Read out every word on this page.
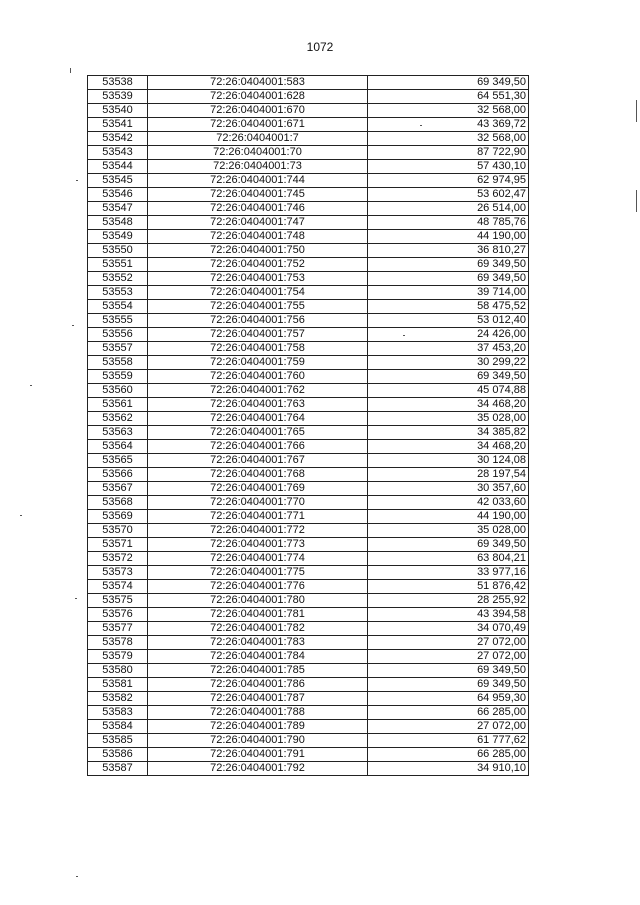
1072
53538	72:26:0404001:583	69 349,50
53539	72:26:0404001:628	64 551,30
53540	72:26:0404001:670	32 568,00
53541	72:26:0404001:671	43 369,72
53542	72:26:0404001:7	32 568,00
53543	72:26:0404001:70	87 722,90
53544	72:26:0404001:73	57 430,10
53545	72:26:0404001:744	62 974,95
53546	72:26:0404001:745	53 602,47
53547	72:26:0404001:746	26 514,00
53548	72:26:0404001:747	48 785,76
53549	72:26:0404001:748	44 190,00
53550	72:26:0404001:750	36 810,27
53551	72:26:0404001:752	69 349,50
53552	72:26:0404001:753	69 349,50
53553	72:26:0404001:754	39 714,00
53554	72:26:0404001:755	58 475,52
53555	72:26:0404001:756	53 012,40
53556	72:26:0404001:757	24 426,00
53557	72:26:0404001:758	37 453,20
53558	72:26:0404001:759	30 299,22
53559	72:26:0404001:760	69 349,50
53560	72:26:0404001:762	45 074,88
53561	72:26:0404001:763	34 468,20
53562	72:26:0404001:764	35 028,00
53563	72:26:0404001:765	34 385,82
53564	72:26:0404001:766	34 468,20
53565	72:26:0404001:767	30 124,08
53566	72:26:0404001:768	28 197,54
53567	72:26:0404001:769	30 357,60
53568	72:26:0404001:770	42 033,60
53569	72:26:0404001:771	44 190,00
53570	72:26:0404001:772	35 028,00
53571	72:26:0404001:773	69 349,50
53572	72:26:0404001:774	63 804,21
53573	72:26:0404001:775	33 977,16
53574	72:26:0404001:776	51 876,42
53575	72:26:0404001:780	28 255,92
53576	72:26:0404001:781	43 394,58
53577	72:26:0404001:782	34 070,49
53578	72:26:0404001:783	27 072,00
53579	72:26:0404001:784	27 072,00
53580	72:26:0404001:785	69 349,50
53581	72:26:0404001:786	69 349,50
53582	72:26:0404001:787	64 959,30
53583	72:26:0404001:788	66 285,00
53584	72:26:0404001:789	27 072,00
53585	72:26:0404001:790	61 777,62
53586	72:26:0404001:791	66 285,00
53587	72:26:0404001:792	34 910,10
